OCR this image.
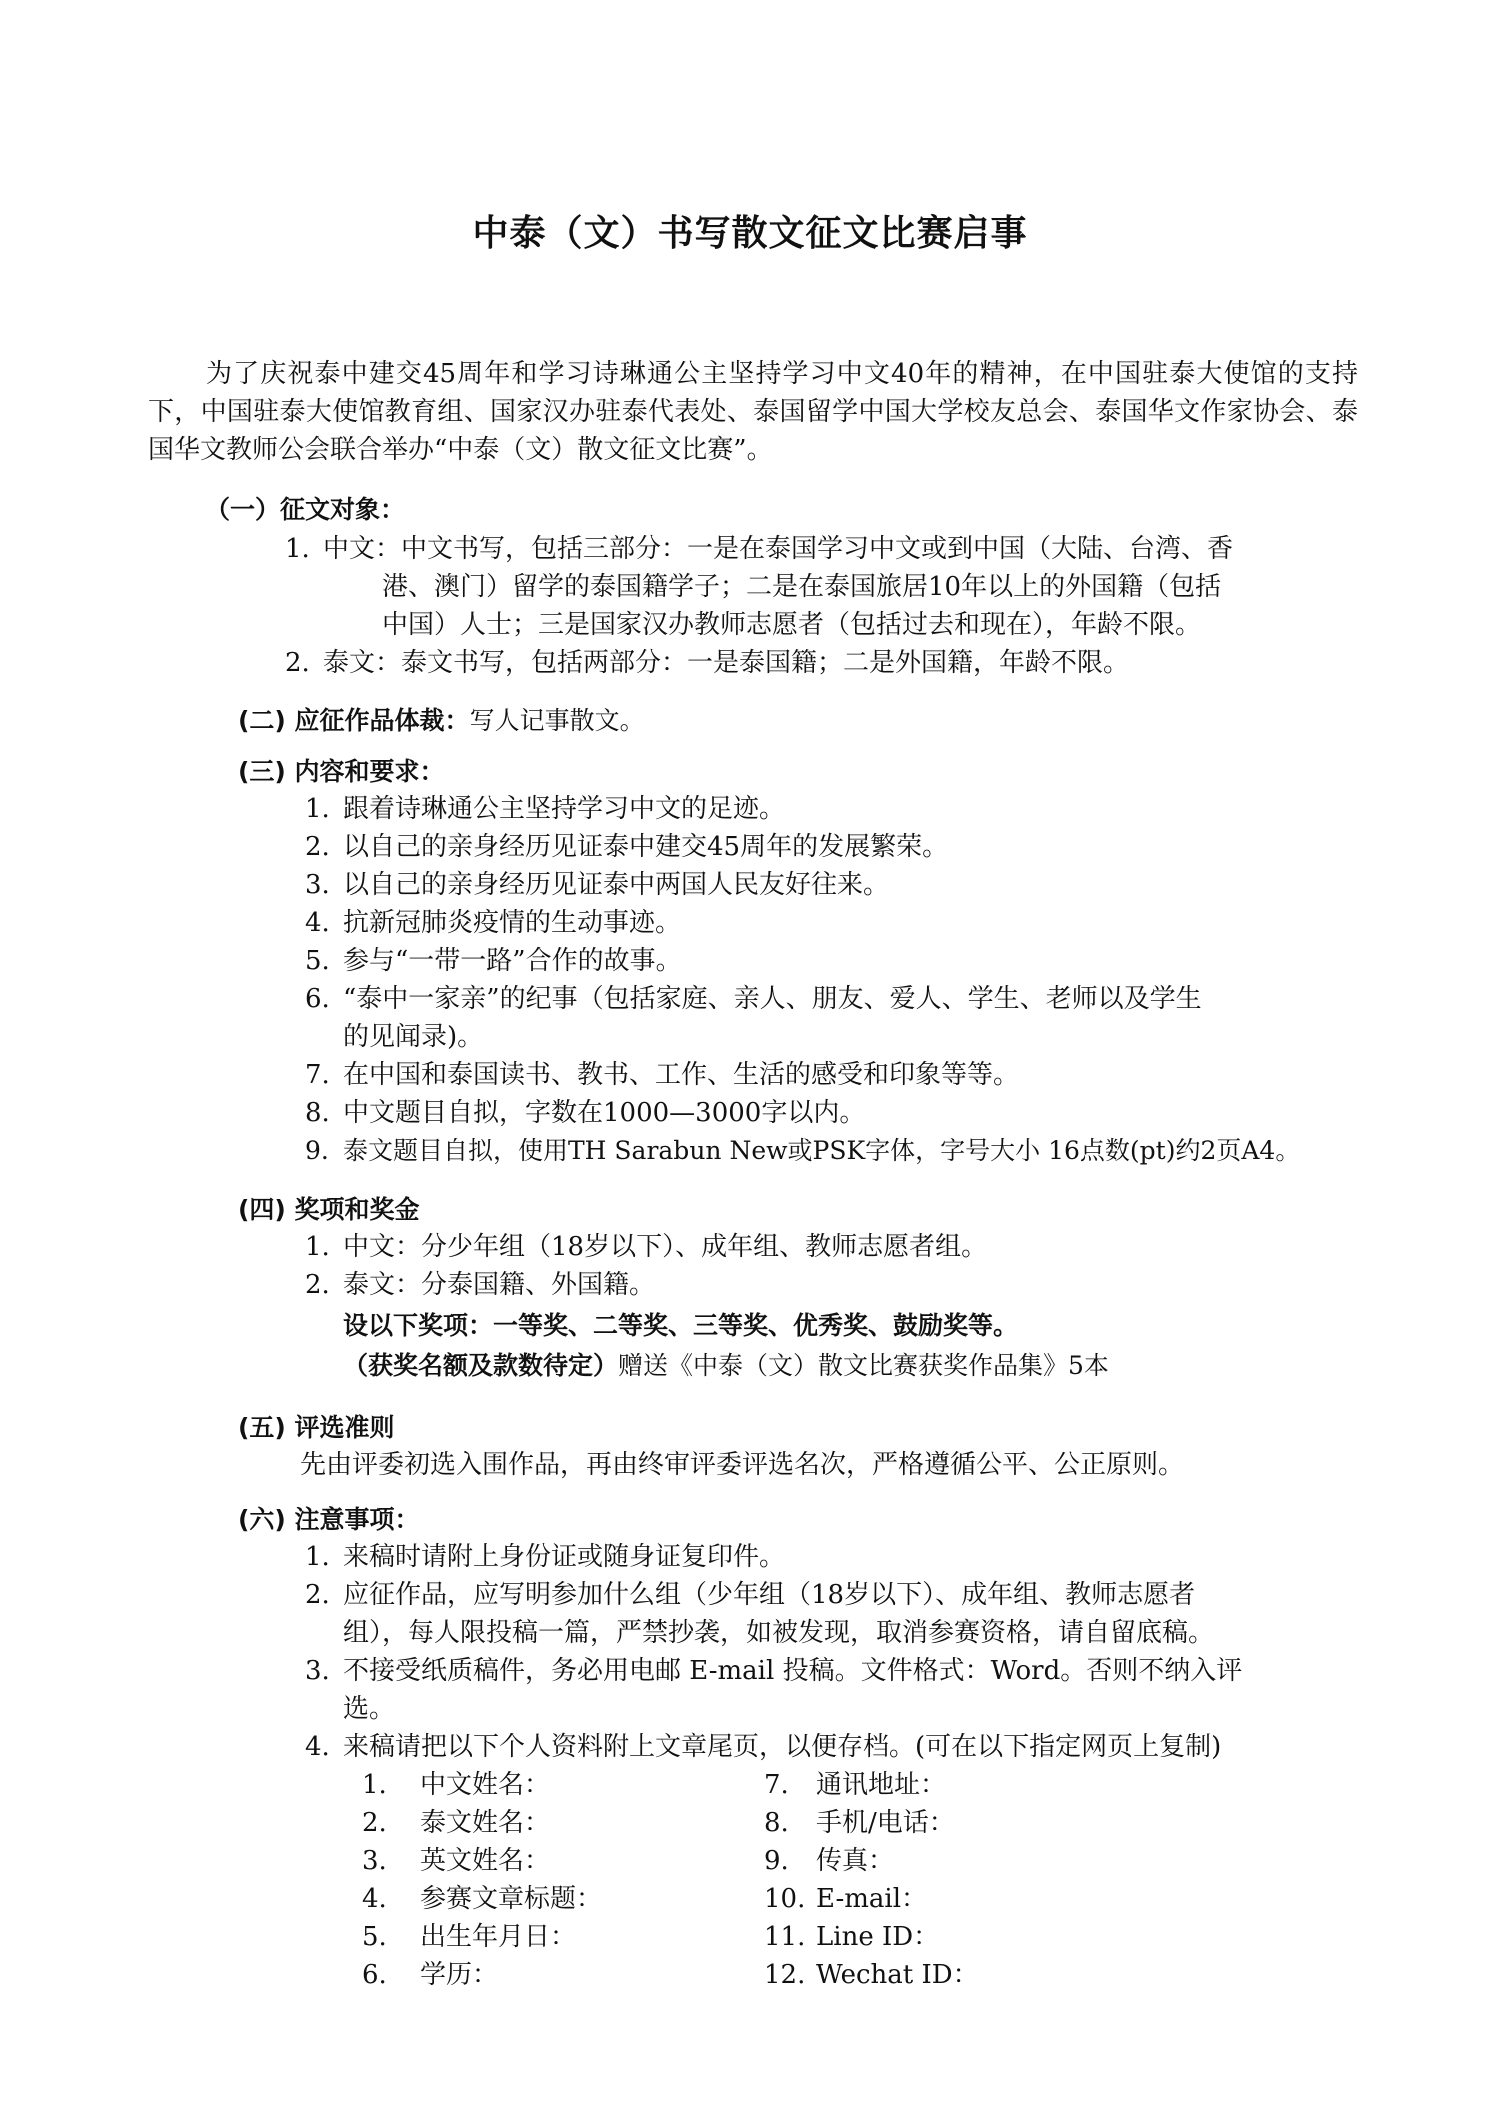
中泰（文）书写散文征文比赛启事

为了庆祝泰中建交45周年和学习诗琳通公主坚持学习中文40年的精神，在中国驻泰大使馆的支持下，中国驻泰大使馆教育组、国家汉办驻泰代表处、泰国留学中国大学校友总会、泰国华文作家协会、泰国华文教师公会联合举办“中泰（文）散文征文比赛”。

（一）征文对象：
1. 中文：中文书写，包括三部分：一是在泰国学习中文或到中国（大陆、台湾、香
港、澳门）留学的泰国籍学子；二是在泰国旅居10年以上的外国籍（包括
中国）人士；三是国家汉办教师志愿者（包括过去和现在），年龄不限。
2. 泰文：泰文书写，包括两部分：一是泰国籍；二是外国籍，年龄不限。
(二) 应征作品体裁：写人记事散文。
(三) 内容和要求：
1. 跟着诗琳通公主坚持学习中文的足迹。
2. 以自己的亲身经历见证泰中建交45周年的发展繁荣。
3. 以自己的亲身经历见证泰中两国人民友好往来。
4. 抗新冠肺炎疫情的生动事迹。
5. 参与“一带一路”合作的故事。
6. “泰中一家亲”的纪事（包括家庭、亲人、朋友、爱人、学生、老师以及学生
的见闻录)。
7. 在中国和泰国读书、教书、工作、生活的感受和印象等等。
8. 中文题目自拟，字数在1000—3000字以内。
9. 泰文题目自拟，使用TH Sarabun New或PSK字体，字号大小 16点数(pt)约2页A4。
(四) 奖项和奖金
1. 中文：分少年组（18岁以下）、成年组、教师志愿者组。
2. 泰文：分泰国籍、外国籍。
设以下奖项：一等奖、二等奖、三等奖、优秀奖、鼓励奖等。
（获奖名额及款数待定）赠送《中泰（文）散文比赛获奖作品集》5本
(五) 评选准则
先由评委初选入围作品，再由终审评委评选名次，严格遵循公平、公正原则。
(六) 注意事项：
1. 来稿时请附上身份证或随身证复印件。
2. 应征作品，应写明参加什么组（少年组（18岁以下）、成年组、教师志愿者
组），每人限投稿一篇，严禁抄袭，如被发现，取消参赛资格，请自留底稿。
3. 不接受纸质稿件，务必用电邮 E-mail 投稿。文件格式：Word。否则不纳入评
选。
4. 来稿请把以下个人资料附上文章尾页，以便存档。(可在以下指定网页上复制)
1. 中文姓名：
2. 泰文姓名：
3. 英文姓名：
4. 参赛文章标题：
5. 出生年月日：
6. 学历：
7. 通讯地址：
8. 手机/电话：
9. 传真：
10. E-mail：
11. Line ID：
12. Wechat ID：
